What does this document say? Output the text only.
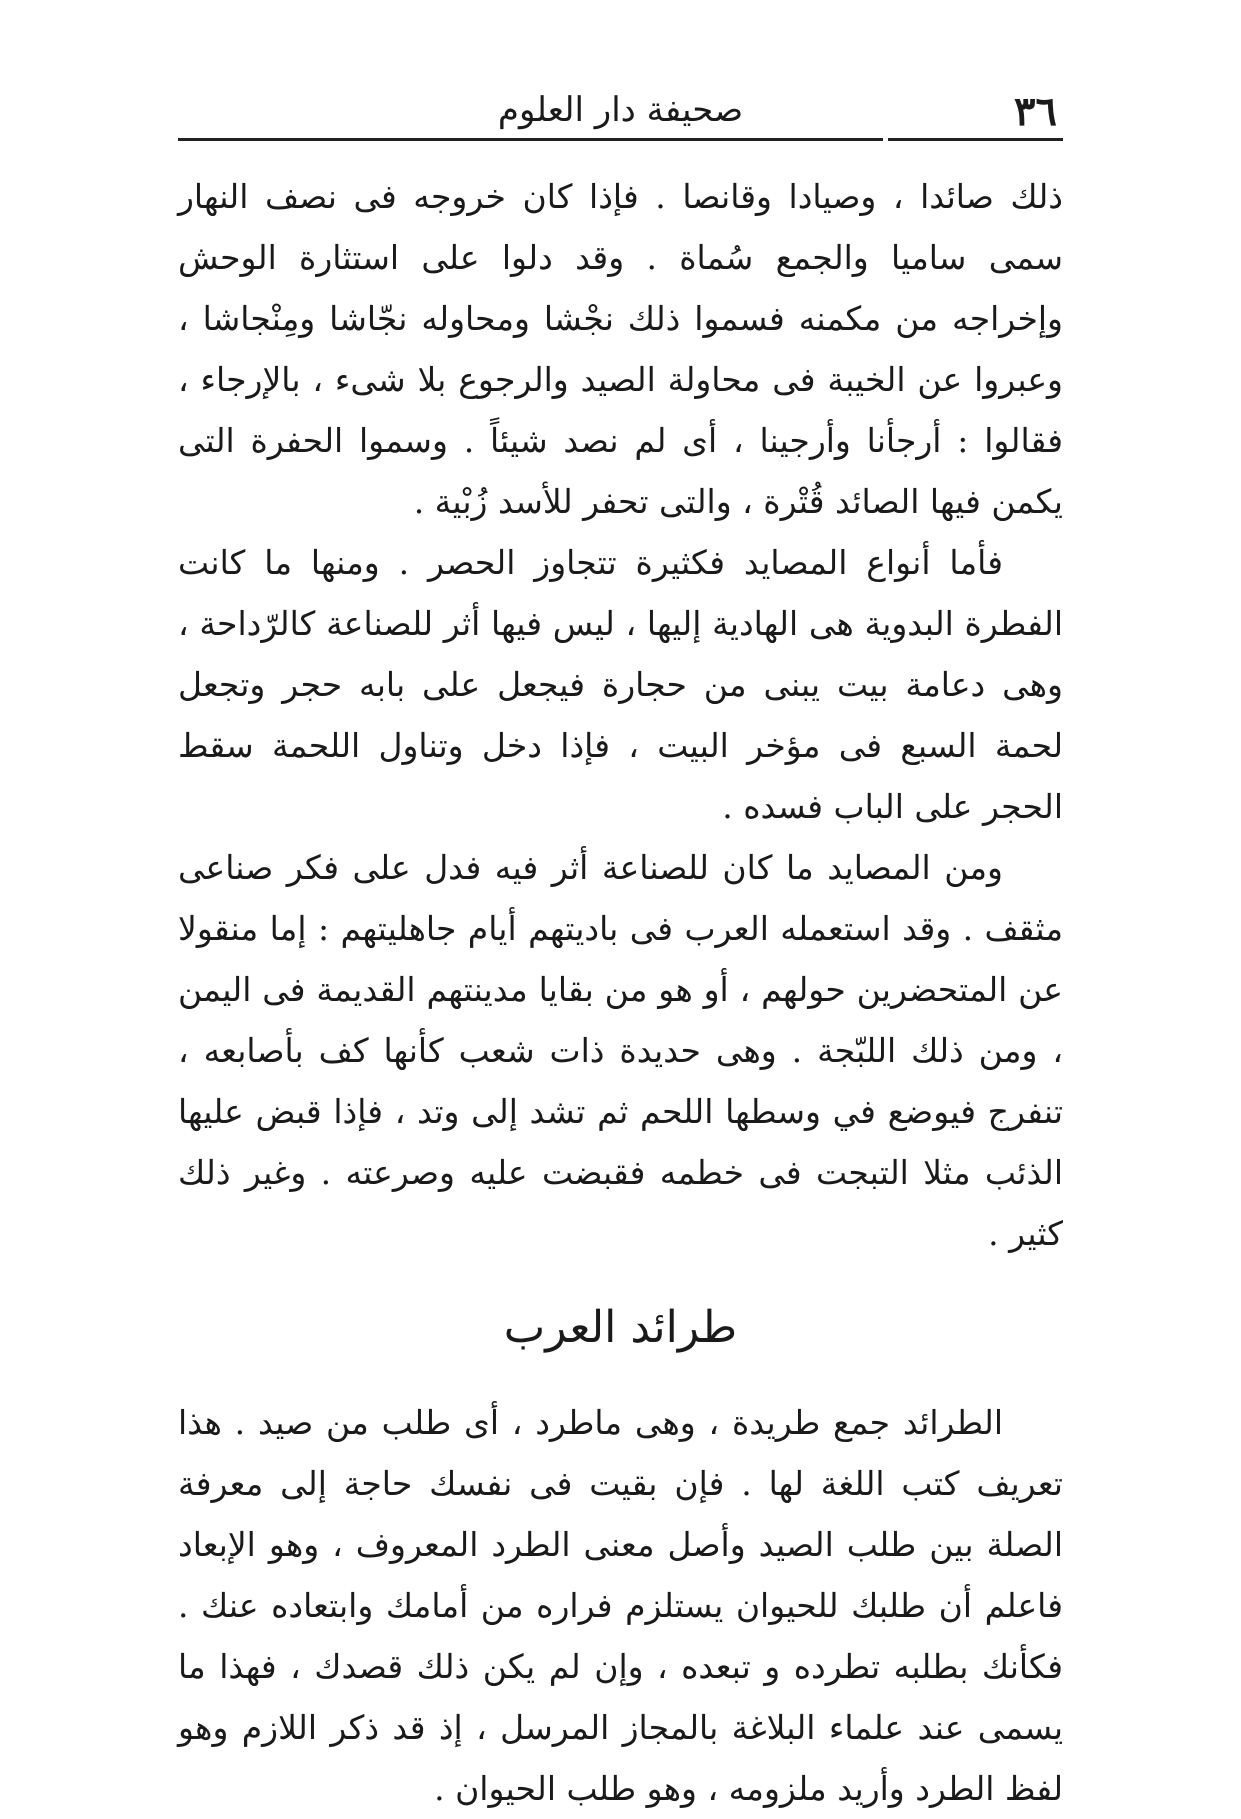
٣٦
صحيفة دار العلوم

ذلك صائدا ، وصيادا وقانصا . فإذا كان خروجه فى نصف النهار سمى ساميا والجمع سُماة . وقد دلوا على استثارة الوحش وإخراجه من مكمنه فسموا ذلك نجْشا ومحاوله نجّاشا ومِنْجاشا ، وعبروا عن الخيبة فى محاولة الصيد والرجوع بلا شىء ، بالإرجاء ، فقالوا : أرجأنا وأرجينا ، أى لم نصد شيئاً . وسموا الحفرة التى يكمن فيها الصائد قُتْرة ، والتى تحفر للأسد زُبْية .

فأما أنواع المصايد فكثيرة تتجاوز الحصر . ومنها ما كانت الفطرة البدوية هى الهادية إليها ، ليس فيها أثر للصناعة كالرّداحة ، وهى دعامة بيت يبنى من حجارة فيجعل على بابه حجر وتجعل لحمة السبع فى مؤخر البيت ، فإذا دخل وتناول اللحمة سقط الحجر على الباب فسده .

ومن المصايد ما كان للصناعة أثر فيه فدل على فكر صناعى مثقف . وقد استعمله العرب فى باديتهم أيام جاهليتهم : إما منقولا عن المتحضرين حولهم ، أو هو من بقايا مدينتهم القديمة فى اليمن ، ومن ذلك اللبّجة . وهى حديدة ذات شعب كأنها كف بأصابعه ، تنفرج فيوضع في وسطها اللحم ثم تشد إلى وتد ، فإذا قبض عليها الذئب مثلا التبجت فى خطمه فقبضت عليه وصرعته . وغير ذلك كثير .

طرائد العرب

الطرائد جمع طريدة ، وهى ماطرد ، أى طلب من صيد . هذا تعريف كتب اللغة لها . فإن بقيت فى نفسك حاجة إلى معرفة الصلة بين طلب الصيد وأصل معنى الطرد المعروف ، وهو الإبعاد فاعلم أن طلبك للحيوان يستلزم فراره من أمامك وابتعاده عنك . فكأنك بطلبه تطرده و تبعده ، وإن لم يكن ذلك قصدك ، فهذا ما يسمى عند علماء البلاغة بالمجاز المرسل ، إذ قد ذكر اللازم وهو لفظ الطرد وأريد ملزومه ، وهو طلب الحيوان .
